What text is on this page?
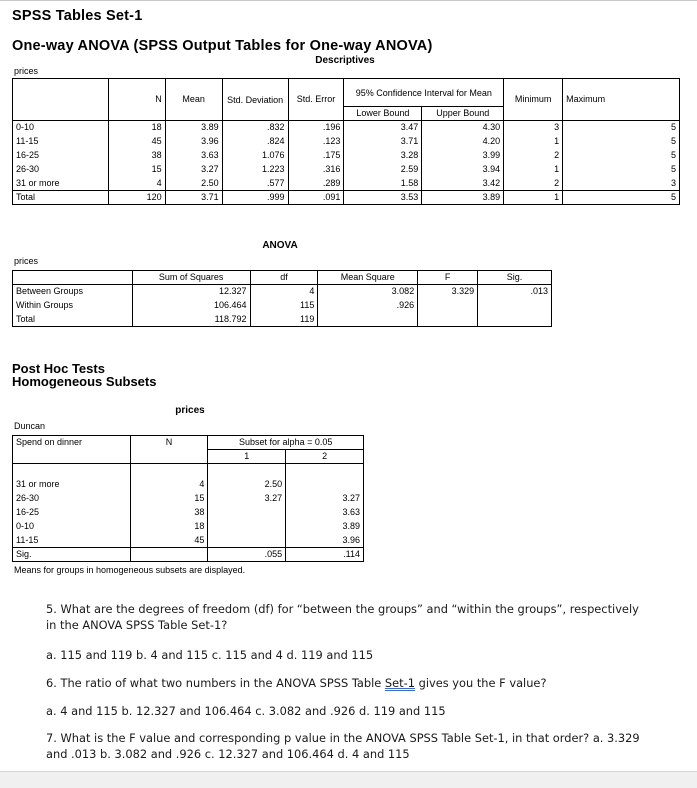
SPSS Tables Set-1
One-way ANOVA (SPSS Output Tables for One-way ANOVA)
Descriptives
prices
	N	Mean	Std. Deviation	Std. Error	95% Confidence Interval for Mean		Minimum	Maximum

					Lower Bound	Upper Bound		
0-10	18	3.89	.832	.196	3.47	4.30	3	5
11-15	45	3.96	.824	.123	3.71	4.20	1	5
16-25	38	3.63	1.076	.175	3.28	3.99	2	5
26-30	15	3.27	1.223	.316	2.59	3.94	1	5
31 or more	4	2.50	.577	.289	1.58	3.42	2	3
Total	120	3.71	.999	.091	3.53	3.89	1	5
ANOVA
prices
	Sum of Squares	df	Mean Square	F	Sig.
Between Groups	12.327	4	3.082	3.329	.013
Within Groups	106.464	115	.926		
Total	118.792	119			
Post Hoc Tests
Homogeneous Subsets
prices
Duncan
Spend on dinner	N	Subset for alpha = 0.05	
		1	2

31 or more	4	2.50	
26-30	15	3.27	3.27
16-25	38		3.63
0-10	18		3.89
11-15	45		3.96
Sig.		.055	.114
Means for groups in homogeneous subsets are displayed.
5. What are the degrees of freedom (df) for “between the groups” and “within the groups”, respectively in the ANOVA SPSS Table Set-1?
a. 115 and 119 b. 4 and 115 c. 115 and 4 d. 119 and 115
6. The ratio of what two numbers in the ANOVA SPSS Table Set-1 gives you the F value?
a. 4 and 115 b. 12.327 and 106.464 c. 3.082 and .926 d. 119 and 115
7. What is the F value and corresponding p value in the ANOVA SPSS Table Set-1, in that order? a. 3.329 and .013 b. 3.082 and .926 c. 12.327 and 106.464 d. 4 and 115
